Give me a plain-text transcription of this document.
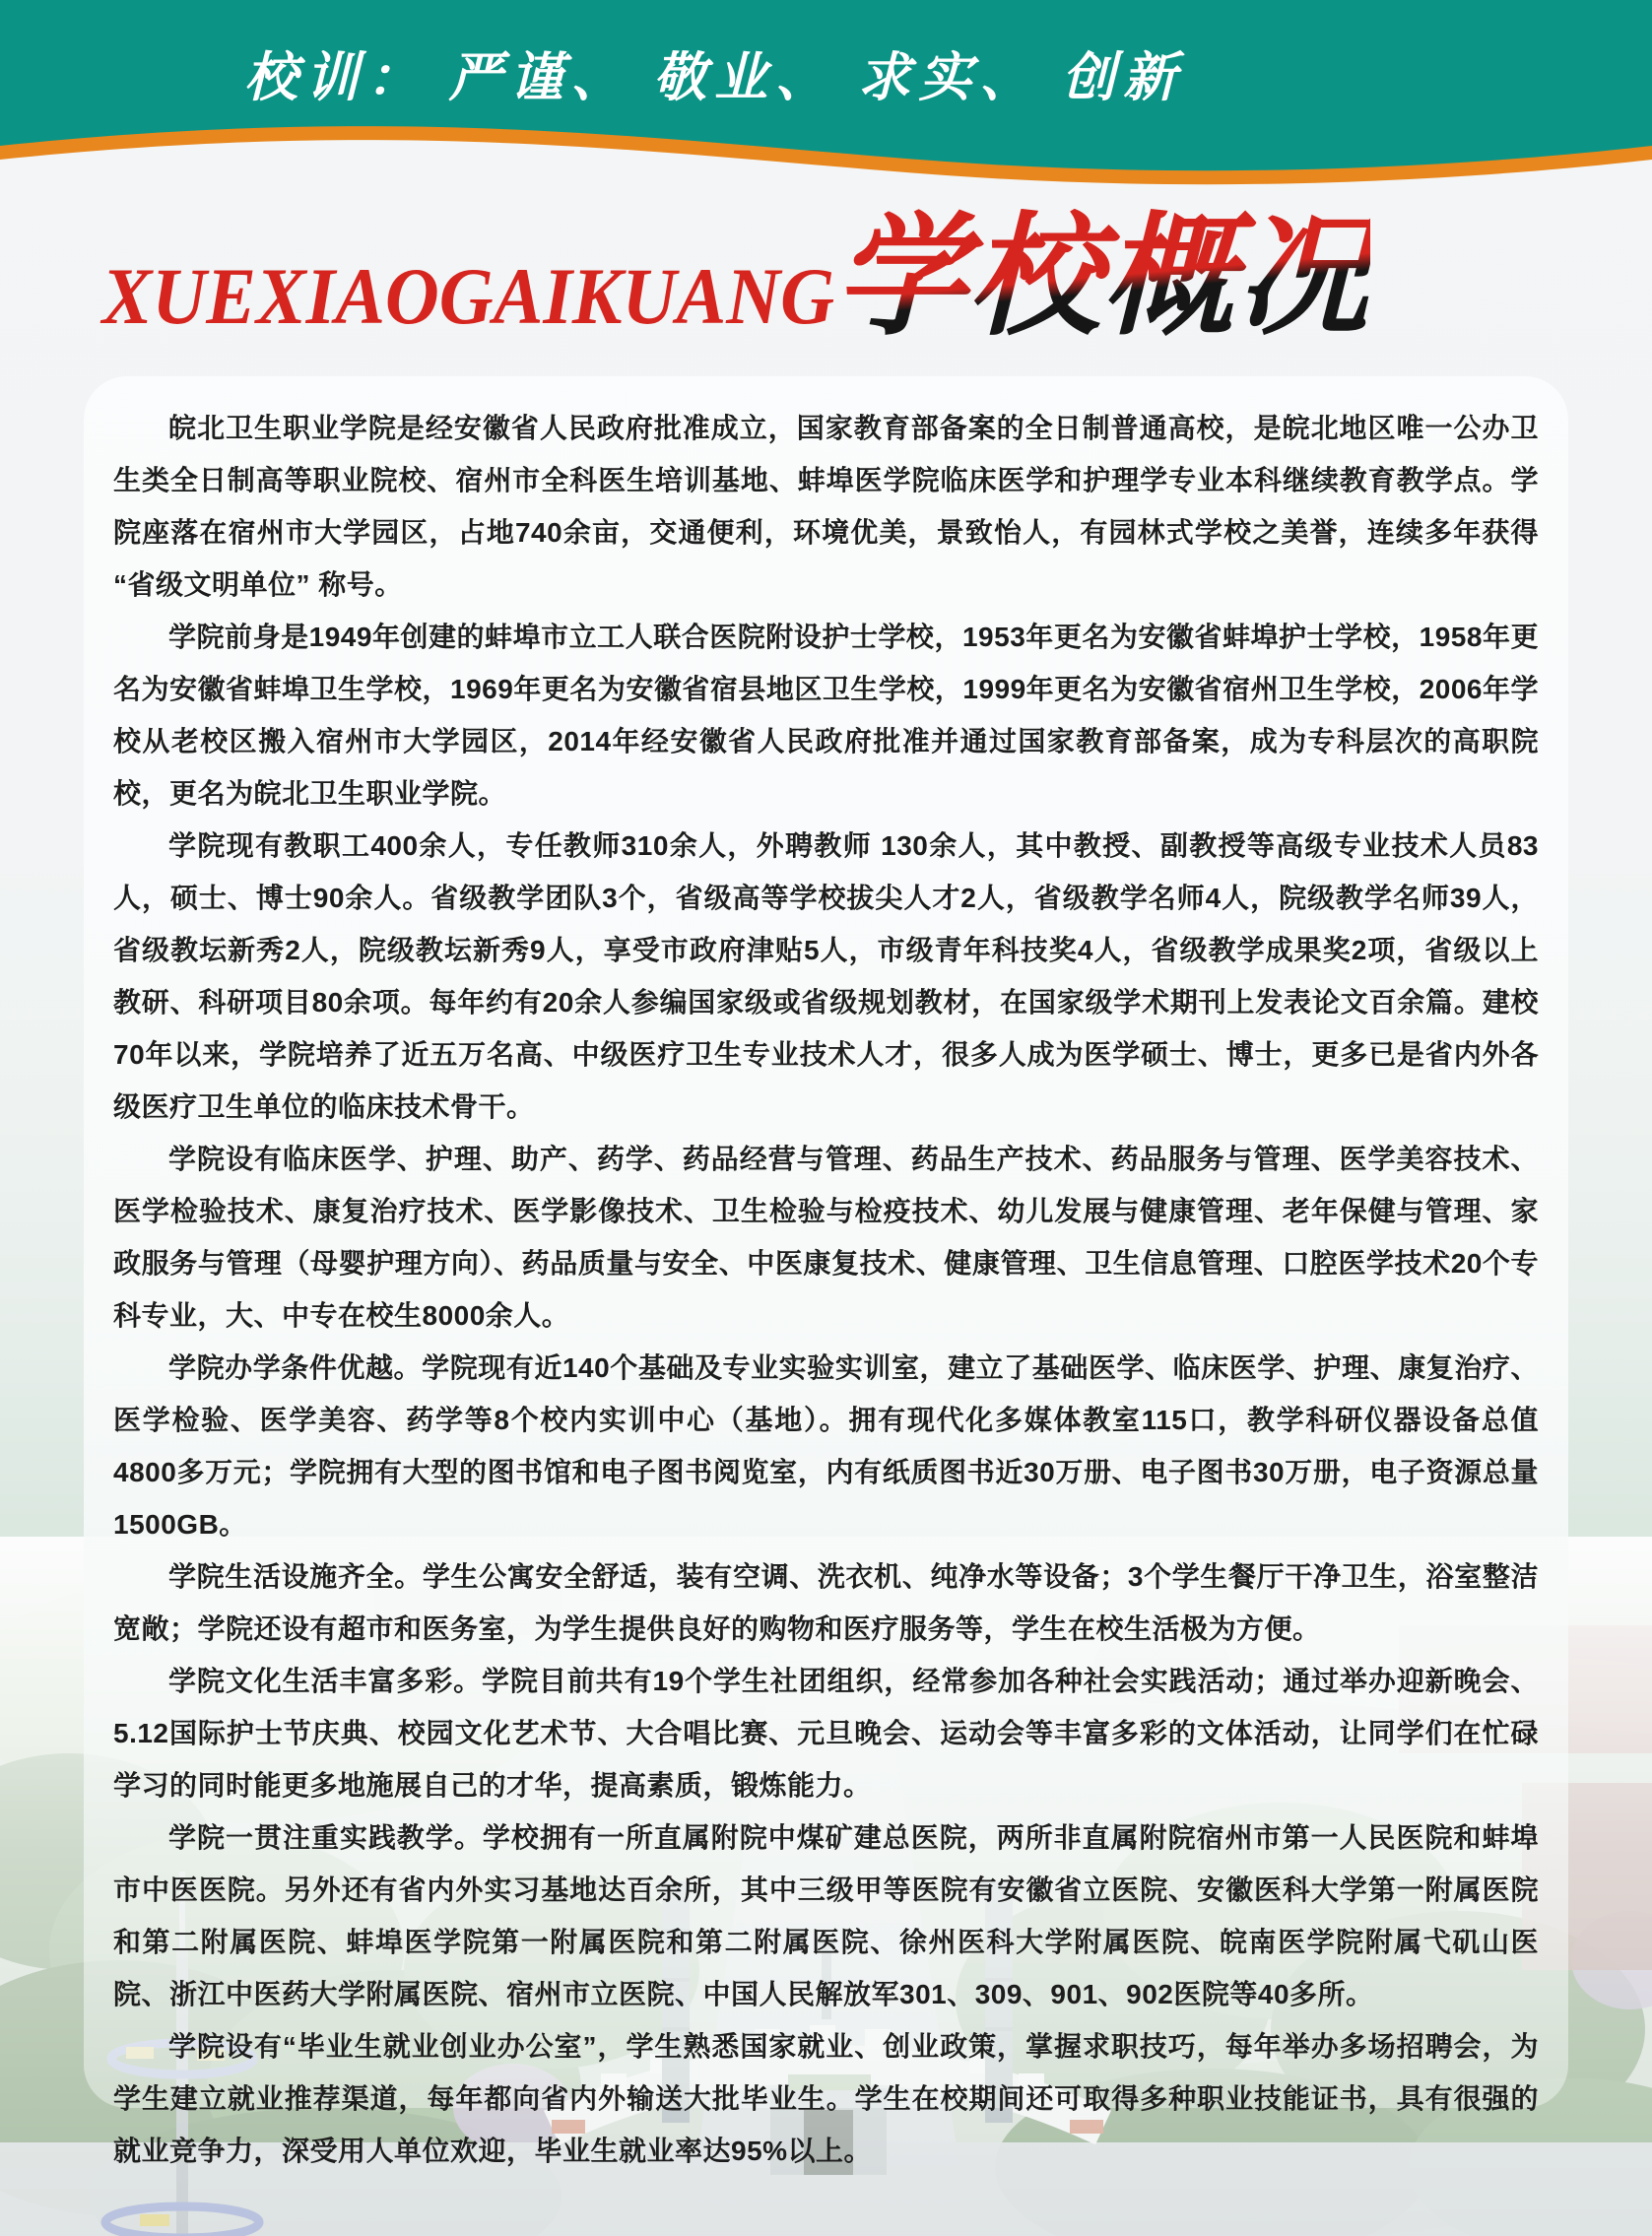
校训： 严谨、 敬业、 求实、 创新
XUEXIAOGAIKUANG 学校概况

皖北卫生职业学院是经安徽省人民政府批准成立，国家教育部备案的全日制普通高校，是皖北地区唯一公办卫生类全日制高等职业院校、宿州市全科医生培训基地、蚌埠医学院临床医学和护理学专业本科继续教育教学点。学院座落在宿州市大学园区，占地740余亩，交通便利，环境优美，景致怡人，有园林式学校之美誉，连续多年获得 “省级文明单位” 称号。

学院前身是1949年创建的蚌埠市立工人联合医院附设护士学校，1953年更名为安徽省蚌埠护士学校，1958年更名为安徽省蚌埠卫生学校，1969年更名为安徽省宿县地区卫生学校，1999年更名为安徽省宿州卫生学校，2006年学校从老校区搬入宿州市大学园区，2014年经安徽省人民政府批准并通过国家教育部备案，成为专科层次的高职院校，更名为皖北卫生职业学院。

学院现有教职工400余人，专任教师310余人，外聘教师 130余人，其中教授、副教授等高级专业技术人员83人，硕士、博士90余人。省级教学团队3个，省级高等学校拔尖人才2人，省级教学名师4人，院级教学名师39人，省级教坛新秀2人，院级教坛新秀9人，享受市政府津贴5人，市级青年科技奖4人，省级教学成果奖2项，省级以上教研、科研项目80余项。每年约有20余人参编国家级或省级规划教材，在国家级学术期刊上发表论文百余篇。建校70年以来，学院培养了近五万名高、中级医疗卫生专业技术人才，很多人成为医学硕士、博士，更多已是省内外各级医疗卫生单位的临床技术骨干。

学院设有临床医学、护理、助产、药学、药品经营与管理、药品生产技术、药品服务与管理、医学美容技术、医学检验技术、康复治疗技术、医学影像技术、卫生检验与检疫技术、幼儿发展与健康管理、老年保健与管理、家政服务与管理（母婴护理方向）、药品质量与安全、中医康复技术、健康管理、卫生信息管理、口腔医学技术20个专科专业，大、中专在校生8000余人。

学院办学条件优越。学院现有近140个基础及专业实验实训室，建立了基础医学、临床医学、护理、康复治疗、医学检验、医学美容、药学等8个校内实训中心（基地）。拥有现代化多媒体教室115口，教学科研仪器设备总值4800多万元；学院拥有大型的图书馆和电子图书阅览室，内有纸质图书近30万册、电子图书30万册，电子资源总量 1500GB。

学院生活设施齐全。学生公寓安全舒适，装有空调、洗衣机、纯净水等设备；3个学生餐厅干净卫生，浴室整洁宽敞；学院还设有超市和医务室，为学生提供良好的购物和医疗服务等，学生在校生活极为方便。

学院文化生活丰富多彩。学院目前共有19个学生社团组织，经常参加各种社会实践活动；通过举办迎新晚会、5.12国际护士节庆典、校园文化艺术节、大合唱比赛、元旦晚会、运动会等丰富多彩的文体活动，让同学们在忙碌学习的同时能更多地施展自己的才华，提高素质，锻炼能力。

学院一贯注重实践教学。学校拥有一所直属附院中煤矿建总医院，两所非直属附院宿州市第一人民医院和蚌埠市中医医院。另外还有省内外实习基地达百余所，其中三级甲等医院有安徽省立医院、安徽医科大学第一附属医院和第二附属医院、蚌埠医学院第一附属医院和第二附属医院、徐州医科大学附属医院、皖南医学院附属弋矶山医院、浙江中医药大学附属医院、宿州市立医院、中国人民解放军301、309、901、902医院等40多所。

学院设有“毕业生就业创业办公室”，学生熟悉国家就业、创业政策，掌握求职技巧，每年举办多场招聘会，为学生建立就业推荐渠道，每年都向省内外输送大批毕业生。学生在校期间还可取得多种职业技能证书，具有很强的就业竞争力，深受用人单位欢迎，毕业生就业率达95%以上。
